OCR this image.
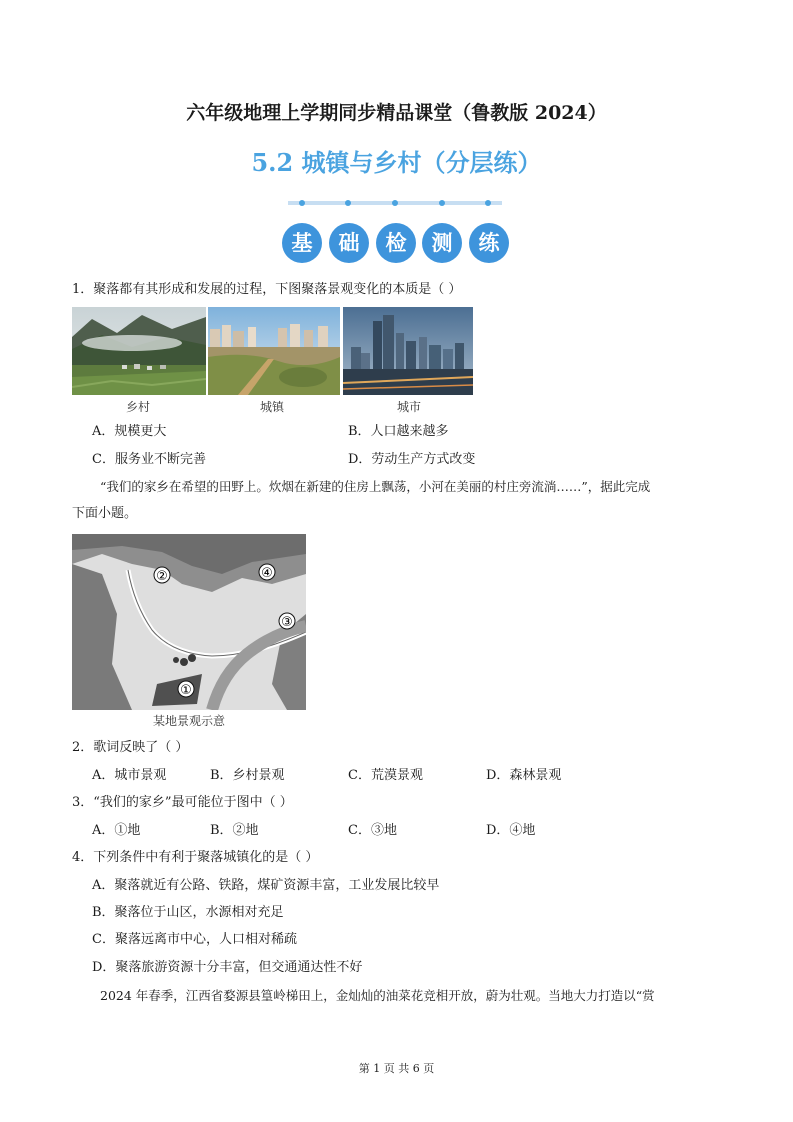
六年级地理上学期同步精品课堂（鲁教版 2024）
5.2 城镇与乡村（分层练）
基	础	检	测	练
1．聚落都有其形成和发展的过程，下图聚落景观变化的本质是（ ）
乡村	城镇	城市
A．规模更大	B．人口越来越多
C．服务业不断完善	D．劳动生产方式改变
“我们的家乡在希望的田野上。炊烟在新建的住房上飘荡，小河在美丽的村庄旁流淌……”，据此完成
下面小题。
②	④
③
①
某地景观示意
2．歌词反映了（ ）
A．城市景观	B．乡村景观	C．荒漠景观	D．森林景观
3．“我们的家乡”最可能位于图中（ ）
A．①地	B．②地	C．③地	D．④地
4．下列条件中有利于聚落城镇化的是（ ）
A．聚落就近有公路、铁路，煤矿资源丰富，工业发展比较早
B．聚落位于山区，水源相对充足
C．聚落远离市中心，人口相对稀疏
D．聚落旅游资源十分丰富，但交通通达性不好
2024 年春季，江西省婺源县篁岭梯田上，金灿灿的油菜花竞相开放，蔚为壮观。当地大力打造以“赏
第 1 页 共 6 页
